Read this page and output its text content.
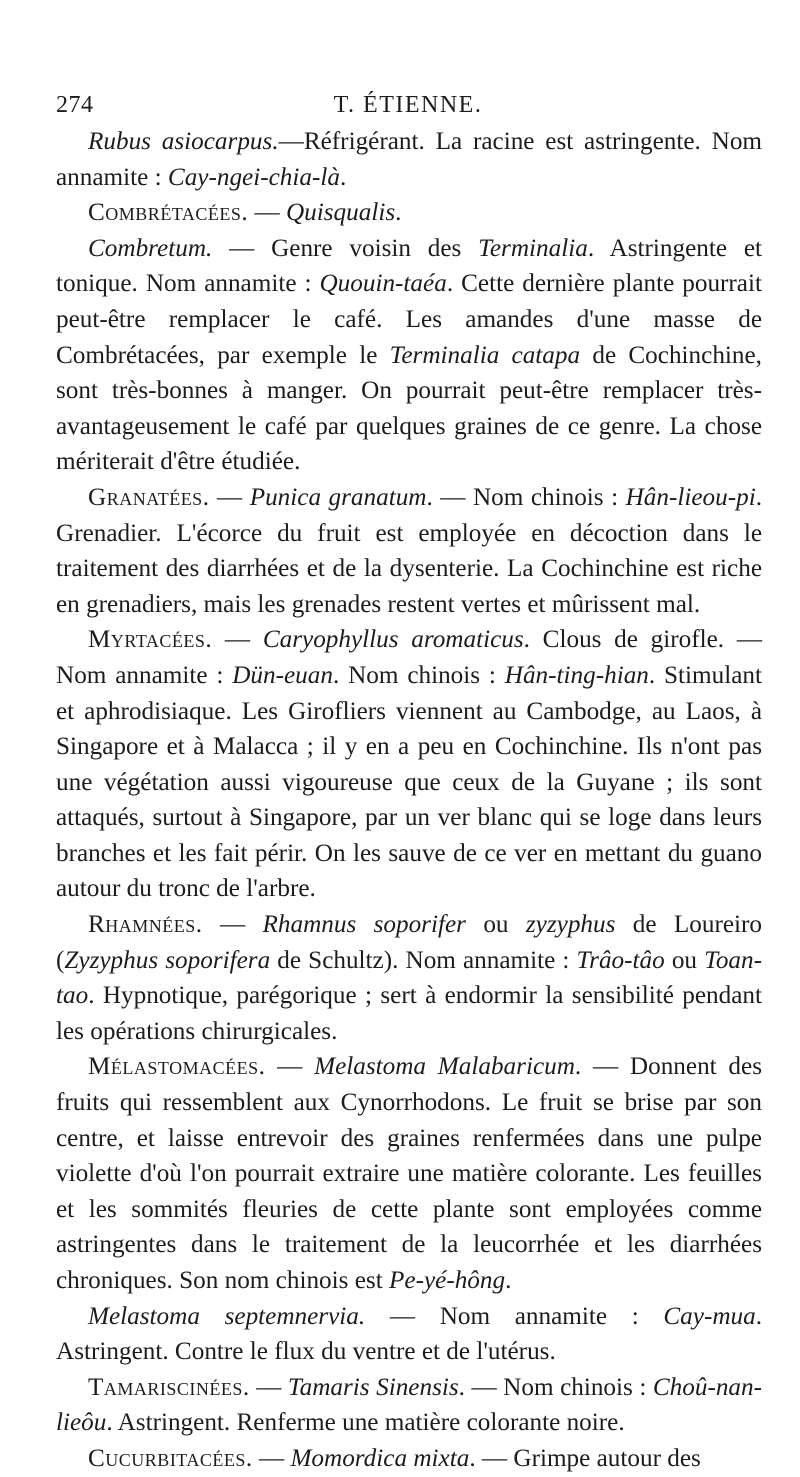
274	T. ÉTIENNE.

Rubus asiocarpus.—Réfrigérant. La racine est astringente. Nom annamite : Cay-ngei-chia-là.

Combrétacées. — Quisqualis.

Combretum. — Genre voisin des Terminalia. Astringente et tonique. Nom annamite : Quouin-taéa. Cette dernière plante pourrait peut-être remplacer le café. Les amandes d'une masse de Combrétacées, par exemple le Terminalia catapa de Cochinchine, sont très-bonnes à manger. On pourrait peut-être remplacer très-avantageusement le café par quelques graines de ce genre. La chose mériterait d'être étudiée.

Granatées. — Punica granatum. — Nom chinois : Hân-lieou-pi. Grenadier. L'écorce du fruit est employée en décoction dans le traitement des diarrhées et de la dysenterie. La Cochinchine est riche en grenadiers, mais les grenades restent vertes et mûrissent mal.

Myrtacées. — Caryophyllus aromaticus. Clous de girofle. — Nom annamite : Dün-euan. Nom chinois : Hân-ting-hian. Stimulant et aphrodisiaque. Les Girofliers viennent au Cambodge, au Laos, à Singapore et à Malacca ; il y en a peu en Cochinchine. Ils n'ont pas une végétation aussi vigoureuse que ceux de la Guyane ; ils sont attaqués, surtout à Singapore, par un ver blanc qui se loge dans leurs branches et les fait périr. On les sauve de ce ver en mettant du guano autour du tronc de l'arbre.

Rhamnées. — Rhamnus soporifer ou zyzyphus de Loureiro (Zyzyphus soporifera de Schultz). Nom annamite : Trâo-tâo ou Toan-tao. Hypnotique, parégorique ; sert à endormir la sensibilité pendant les opérations chirurgicales.

Mélastomacées. — Melastoma Malabaricum. — Donnent des fruits qui ressemblent aux Cynorrhodons. Le fruit se brise par son centre, et laisse entrevoir des graines renfermées dans une pulpe violette d'où l'on pourrait extraire une matière colorante. Les feuilles et les sommités fleuries de cette plante sont employées comme astringentes dans le traitement de la leucorrhée et les diarrhées chroniques. Son nom chinois est Pe-yé-hông.

Melastoma septemnervia. — Nom annamite : Cay-mua. Astringent. Contre le flux du ventre et de l'utérus.

Tamariscinées. — Tamaris Sinensis. — Nom chinois : Choû-nan-lieôu. Astringent. Renferme une matière colorante noire.

Cucurbitacées. — Momordica mixta. — Grimpe autour des
